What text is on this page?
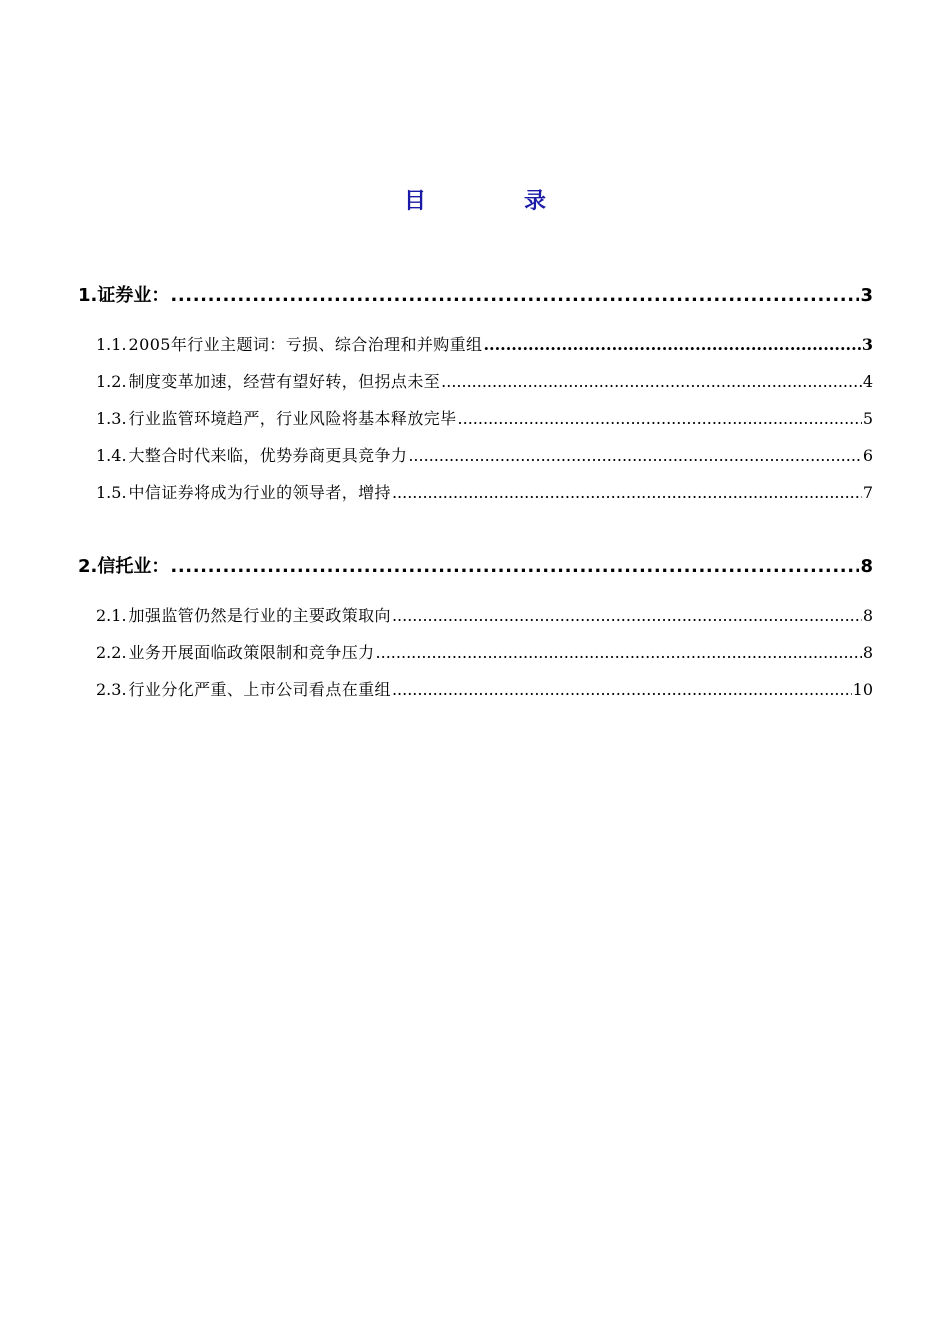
目　录
1. 证券业： .....	3
1.1. 2005年行业主题词：亏损、综合治理和并购重组 .....	3
1.2. 制度变革加速，经营有望好转，但拐点未至 .....	4
1.3. 行业监管环境趋严，行业风险将基本释放完毕 .....	5
1.4. 大整合时代来临，优势券商更具竞争力 .....	6
1.5. 中信证券将成为行业的领导者，增持 .....	7
2. 信托业： .....	8
2.1. 加强监管仍然是行业的主要政策取向 .....	8
2.2. 业务开展面临政策限制和竞争压力 .....	8
2.3. 行业分化严重、上市公司看点在重组 .....	10
